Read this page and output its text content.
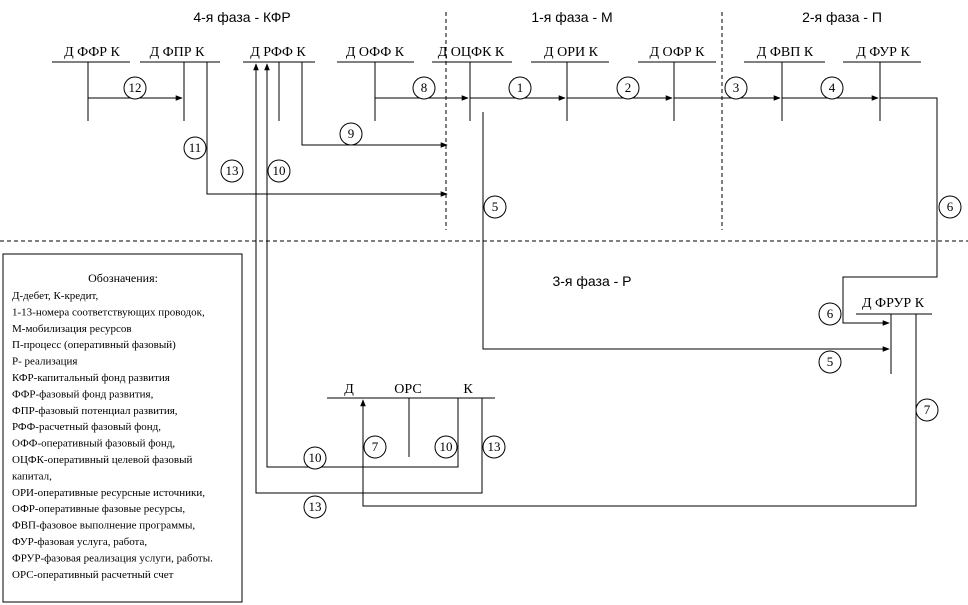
4-я фаза - КФР	1-я фаза - М	2-я фаза - П
3-я фаза - Р
Д ФФР К Д ФПР К	Д РФФ К	Д ОФФ К Д ОЦФК К	Д ОРИ К	Д ОФР К	Д ФВП К	Д ФУР К
Д ФРУР К
Д	ОРС	К
12	8	1	2	3	4
9
11
13	10
5	6
6
5
7
7	10	13
10
13
Обозначения:
Д-дебет, К-кредит,
1-13-номера соответствующих проводок,
М-мобилизация ресурсов
П-процесс (оперативный фазовый)
Р- реализация
КФР-капитальный фонд развития
ФФР-фазовый фонд развития,
ФПР-фазовый потенциал развития,
РФФ-расчетный фазовый фонд,
ОФФ-оперативный фазовый фонд,
ОЦФК-оперативный целевой фазовый
капитал,
ОРИ-оперативные ресурсные источники,
ОФР-оперативные фазовые ресурсы,
ФВП-фазовое выполнение программы,
ФУР-фазовая услуга, работа,
ФРУР-фазовая реализация услуги, работы.
ОРС-оперативный расчетный счет
